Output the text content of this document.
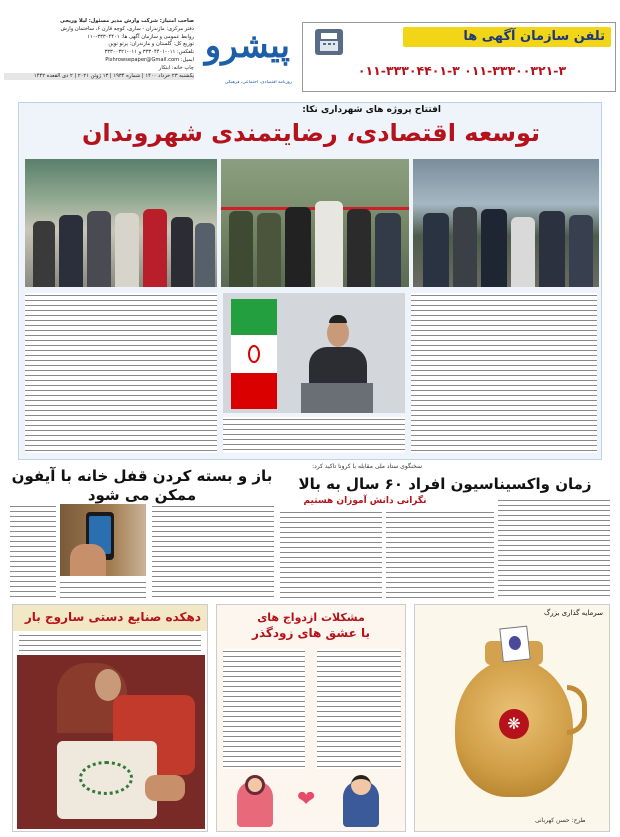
تلفن سازمان آگهی ها
۰۱۱-۳۳۳۰۰۳۲۱-۳ ۰۱۱-۳۳۳۰۴۴۰۱-۳
پیشرو
روزنامه اقتصادی، اجتماعی، فرهنگی
صاحب امتیاز: شرکت وارش مدیر مسئول: لیلا وریجی
دفتر مرکزی: مازندران - ساری، کوچه قارن ۶، ساختمان وارش
روابط عمومی و سازمان آگهی ها: ۳۳۳۰۴۴۰۱-۱۱۰
توزیع کل: گلستان و مازندران: پرتو نوین
تلفکس: ۰۱۱-۳۳۳۰۴۴۰۱ و ۰۱۱-۳۳۳۰۰۳۲۱
ایمیل: Pishrowsepaper@Gmail.com
چاپ خانه: ابتکار
یکشنبه ۲۳ خرداد ۱۴۰۰ | شماره ۱۹۳۴ | ۱۳ ژوئن ۲۰۲۱ | ۲ ذی القعده ۱۴۴۲
افتتاح پروژه های شهرداری نکا:
توسعه اقتصادی، رضایتمندی شهروندان
سخنگوی ستاد ملی مقابله با کرونا تاکید کرد:
باز و بسته کردن قفل خانه با آیفون ممکن می شود
زمان واکسیناسیون افراد ۶۰ سال به بالا
نگرانی دانش آموزان هستیم
دهکده صنایع دستی ساروج بار	مشکلات ازدواج های
با عشق های زودگذر
❤
سرمایه گذاری بزرگ
❋
طرح: حسن کهربانی
